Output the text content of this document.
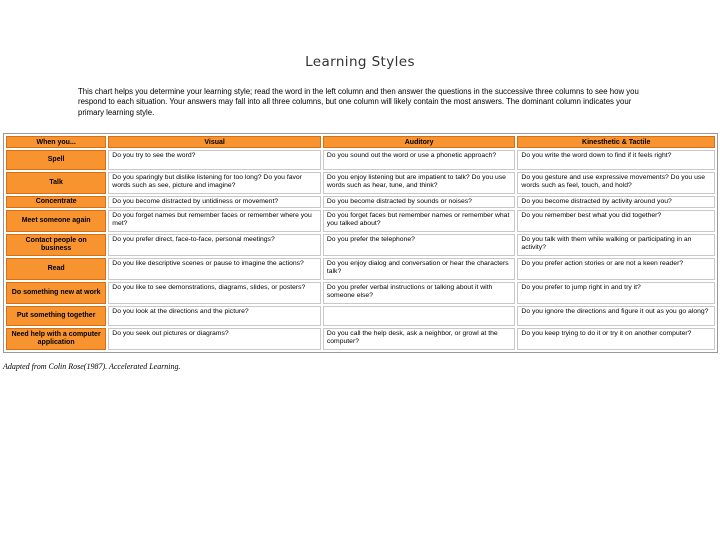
Learning Styles
This chart helps you determine your learning style; read the word in the left column and then answer the questions in the successive three columns to see how you respond to each situation. Your answers may fall into all three columns, but one column will likely contain the most answers. The dominant column indicates your primary learning style.
When you...	Visual	Auditory	Kinesthetic & Tactile
Spell	Do you try to see the word?	Do you sound out the word or use a phonetic approach?	Do you write the word down to find if it feels right?
Talk	Do you sparingly but dislike listening for too long? Do you favor words such as see, picture and imagine?	Do you enjoy listening but are impatient to talk? Do you use words such as hear, tune, and think?	Do you gesture and use expressive movements? Do you use words such as feel, touch, and hold?
Concentrate	Do you become distracted by untidiness or movement?	Do you become distracted by sounds or noises?	Do you become distracted by activity around you?
Meet someone again	Do you forget names but remember faces or remember where you met?	Do you forget faces but remember names or remember what you talked about?	Do you remember best what you did together?
Contact people on business	Do you prefer direct, face-to-face, personal meetings?	Do you prefer the telephone?	Do you talk with them while walking or participating in an activity?
Read	Do you like descriptive scenes or pause to imagine the actions?	Do you enjoy dialog and conversation or hear the characters talk?	Do you prefer action stories or are not a keen reader?
Do something new at work	Do you like to see demonstrations, diagrams, slides, or posters?	Do you prefer verbal instructions or talking about it with someone else?	Do you prefer to jump right in and try it?
Put something together	Do you look at the directions and the picture?		Do you ignore the directions and figure it out as you go along?
Need help with a computer application	Do you seek out pictures or diagrams?	Do you call the help desk, ask a neighbor, or growl at the computer?	Do you keep trying to do it or try it on another computer?
Adapted from Colin Rose(1987). Accelerated Learning.
